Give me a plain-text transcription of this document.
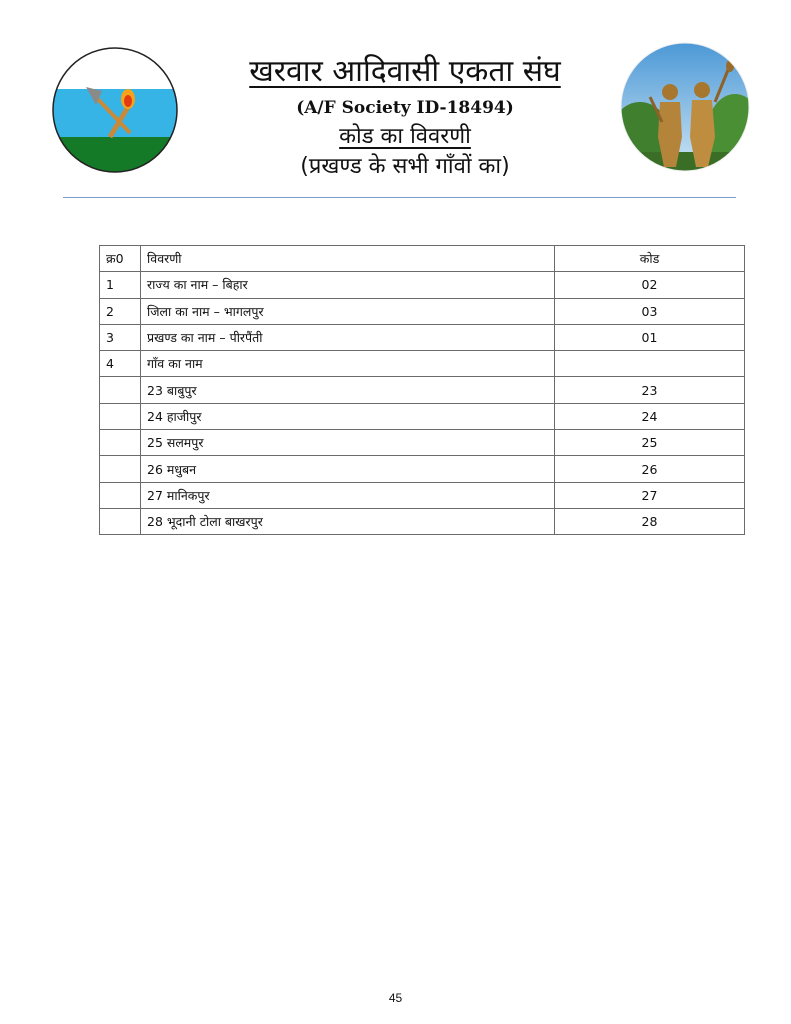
खरवार आदिवासी एकता संघ
(A/F Society ID-18494)
कोड का विवरणी
(प्रखण्ड के सभी गाँवों का)
क्र0	विवरणी	कोड
1	राज्य का नाम – बिहार	02
2	जिला का नाम – भागलपुर	03
3	प्रखण्ड का नाम – पीरपैंती	01
4	गाँव का नाम	
	23 बाबुपुर	23
	24 हाजीपुर	24
	25 सलमपुर	25
	26 मधुबन	26
	27 मानिकपुर	27
	28 भूदानी टोला बाखरपुर	28
45
